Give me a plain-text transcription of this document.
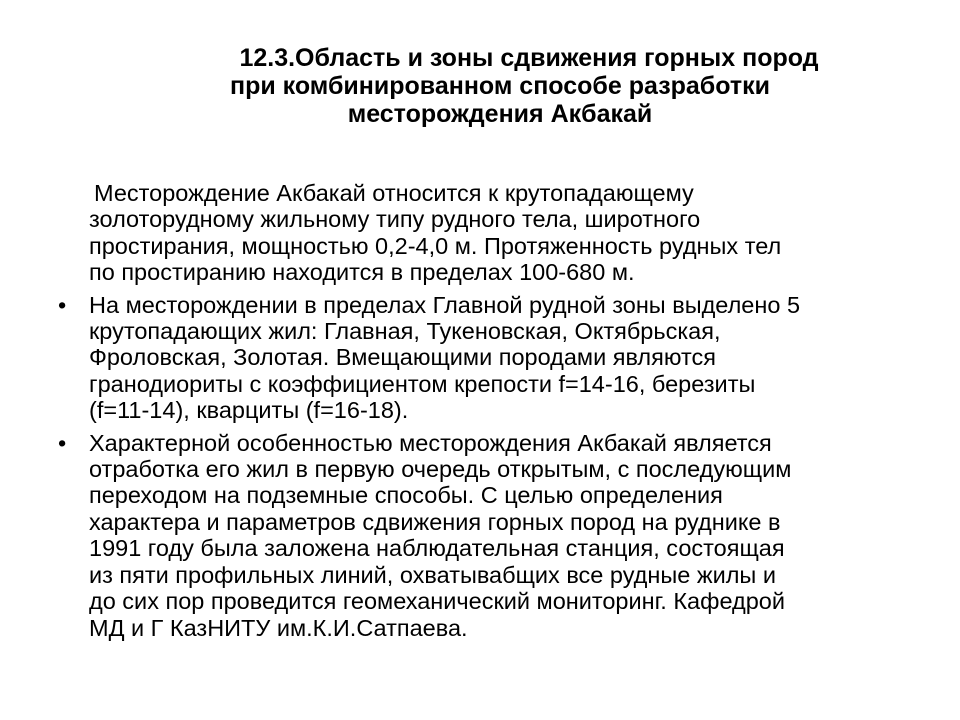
12.3.Область и зоны сдвижения горных пород
при комбинированном способе разработки
месторождения Акбакай
Месторождение Акбакай относится к крутопадающему
золоторудному жильному типу рудного тела, широтного
простирания, мощностью 0,2-4,0 м. Протяженность рудных тел
по простиранию находится в пределах 100-680 м.
• На месторождении в пределах Главной рудной зоны выделено 5
крутопадающих жил: Главная, Тукеновская, Октябрьская,
Фроловская, Золотая. Вмещающими породами являются
гранодиориты с коэффициентом крепости f=14-16, березиты
(f=11-14), кварциты (f=16-18).
• Характерной особенностью месторождения Акбакай является
отработка его жил в первую очередь открытым, с последующим
переходом на подземные способы. С целью определения
характера и параметров сдвижения горных пород на руднике в
1991 году была заложена наблюдательная станция, состоящая
из пяти профильных линий, охватывабщих все рудные жилы и
до сих пор проведится геомеханический мониторинг. Кафедрой
МД и Г КазНИТУ им.К.И.Сатпаева.
